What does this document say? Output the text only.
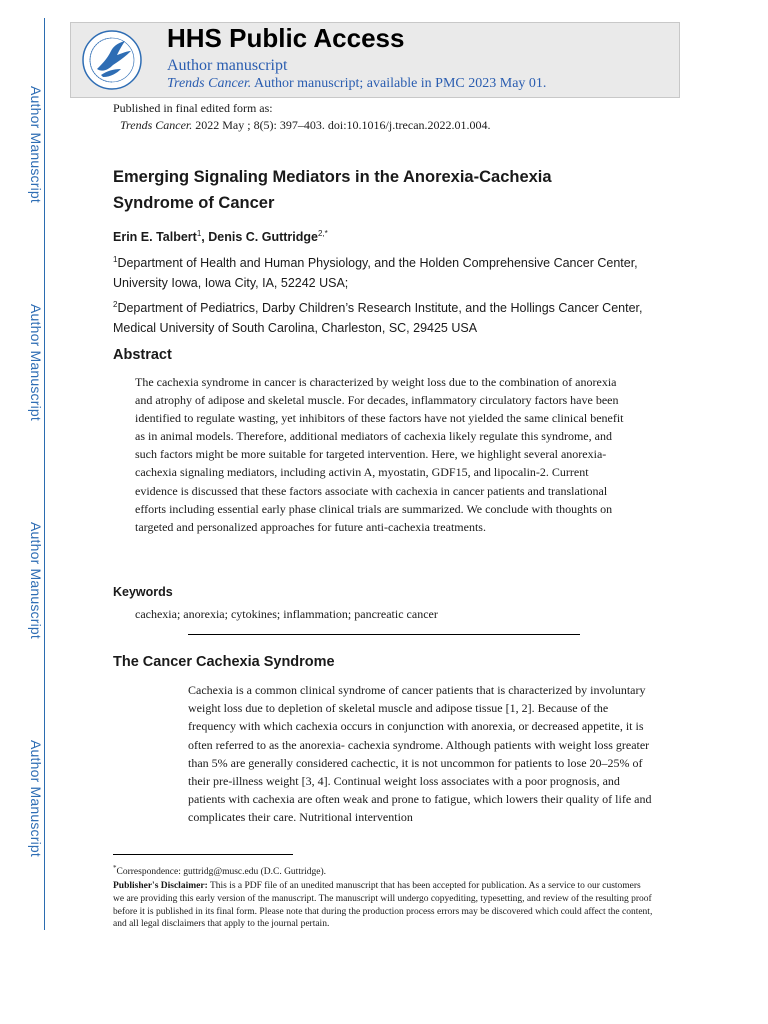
Author Manuscript
Author Manuscript
Author Manuscript
Author Manuscript
HHS Public Access
Author manuscript
Trends Cancer. Author manuscript; available in PMC 2023 May 01.
Published in final edited form as:
Trends Cancer. 2022 May ; 8(5): 397–403. doi:10.1016/j.trecan.2022.01.004.
Emerging Signaling Mediators in the Anorexia-Cachexia Syndrome of Cancer
Erin E. Talbert$^1$, Denis C. Guttridge$^{2,*}$
$^1$Department of Health and Human Physiology, and the Holden Comprehensive Cancer Center, University Iowa, Iowa City, IA, 52242 USA;
$^2$Department of Pediatrics, Darby Children’s Research Institute, and the Hollings Cancer Center, Medical University of South Carolina, Charleston, SC, 29425 USA
Abstract
The cachexia syndrome in cancer is characterized by weight loss due to the combination of anorexia and atrophy of adipose and skeletal muscle. For decades, inflammatory circulatory factors have been identified to regulate wasting, yet inhibitors of these factors have not yielded the same clinical benefit as in animal models. Therefore, additional mediators of cachexia likely regulate this syndrome, and such factors might be more suitable for targeted intervention. Here, we highlight several anorexia-cachexia signaling mediators, including activin A, myostatin, GDF15, and lipocalin-2. Current evidence is discussed that these factors associate with cachexia in cancer patients and translational efforts including essential early phase clinical trials are summarized. We conclude with thoughts on targeted and personalized approaches for future anti-cachexia treatments.
Keywords
cachexia; anorexia; cytokines; inflammation; pancreatic cancer
The Cancer Cachexia Syndrome
Cachexia is a common clinical syndrome of cancer patients that is characterized by involuntary weight loss due to depletion of skeletal muscle and adipose tissue [1, 2]. Because of the frequency with which cachexia occurs in conjunction with anorexia, or decreased appetite, it is often referred to as the anorexia- cachexia syndrome. Although patients with weight loss greater than 5% are generally considered cachectic, it is not uncommon for patients to lose 20–25% of their pre-illness weight [3, 4]. Continual weight loss associates with a poor prognosis, and patients with cachexia are often weak and prone to fatigue, which lowers their quality of life and complicates their care. Nutritional intervention
*Correspondence: guttridg@musc.edu (D.C. Guttridge).
Publisher's Disclaimer: This is a PDF file of an unedited manuscript that has been accepted for publication. As a service to our customers we are providing this early version of the manuscript. The manuscript will undergo copyediting, typesetting, and review of the resulting proof before it is published in its final form. Please note that during the production process errors may be discovered which could affect the content, and all legal disclaimers that apply to the journal pertain.
